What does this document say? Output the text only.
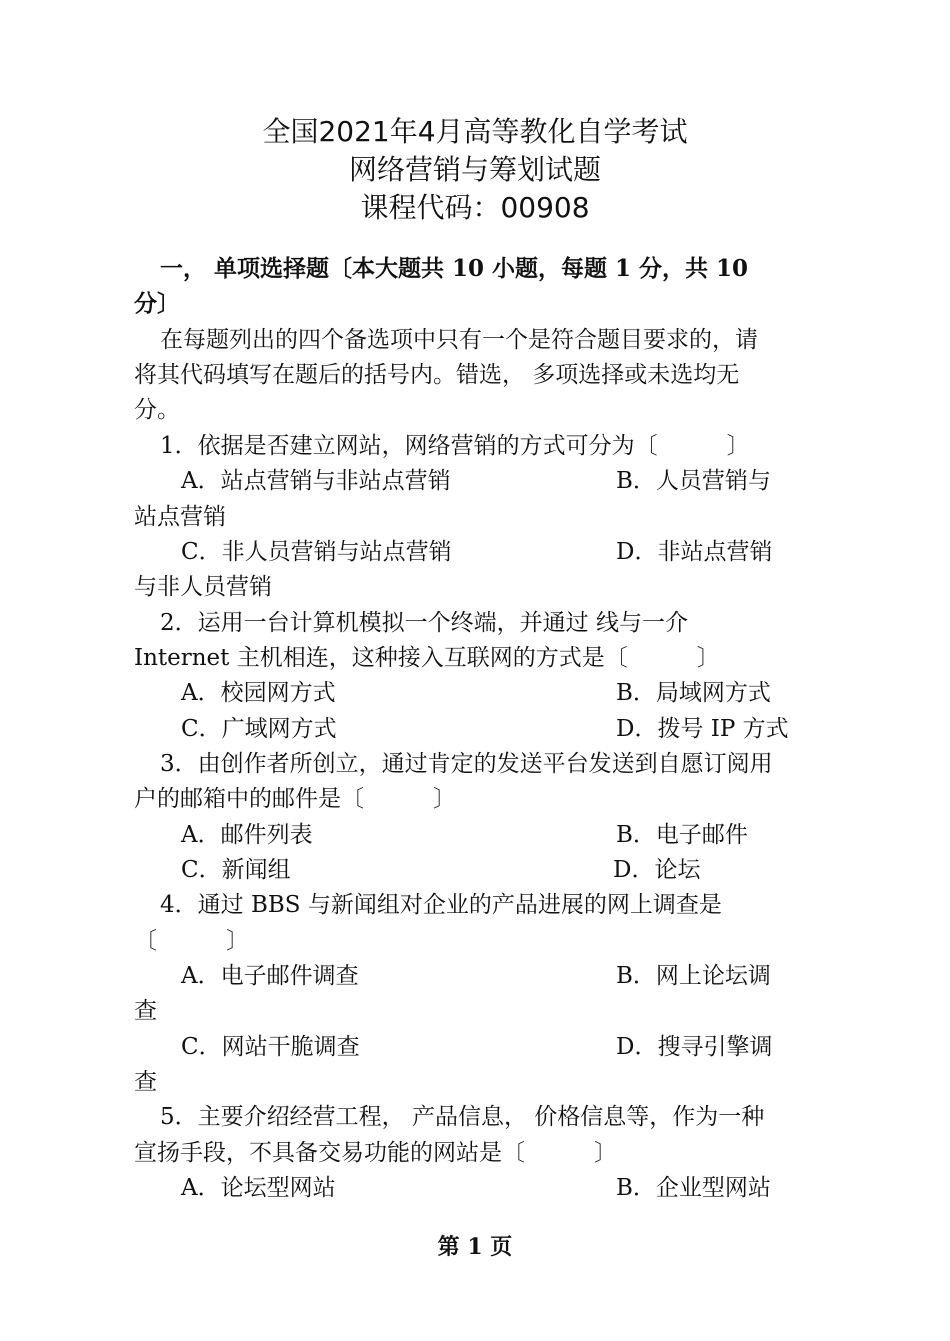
全国2021年4月高等教化自学考试
网络营销与筹划试题
课程代码：00908
一， 单项选择题〔本大题共 10 小题，每题 1 分，共 10
分〕
在每题列出的四个备选项中只有一个是符合题目要求的，请
将其代码填写在题后的括号内。错选， 多项选择或未选均无
分。
1．依据是否建立网站，网络营销的方式可分为〔　　　〕
A．站点营销与非站点营销	B．人员营销与
站点营销
C．非人员营销与站点营销	D．非站点营销
与非人员营销
2．运用一台计算机模拟一个终端，并通过 线与一介
Internet 主机相连，这种接入互联网的方式是〔　　　〕
A．校园网方式	B．局域网方式
C．广域网方式	D．拨号 IP 方式
3．由创作者所创立，通过肯定的发送平台发送到自愿订阅用
户的邮箱中的邮件是〔　　　〕
A．邮件列表	B．电子邮件
C．新闻组	D．论坛
4．通过 BBS 与新闻组对企业的产品进展的网上调查是
〔　　　〕
A．电子邮件调查	B．网上论坛调
查
C．网站干脆调查	D．搜寻引擎调
查
5．主要介绍经营工程， 产品信息， 价格信息等，作为一种
宣扬手段，不具备交易功能的网站是〔　　　〕
A．论坛型网站	B．企业型网站
第 1 页
